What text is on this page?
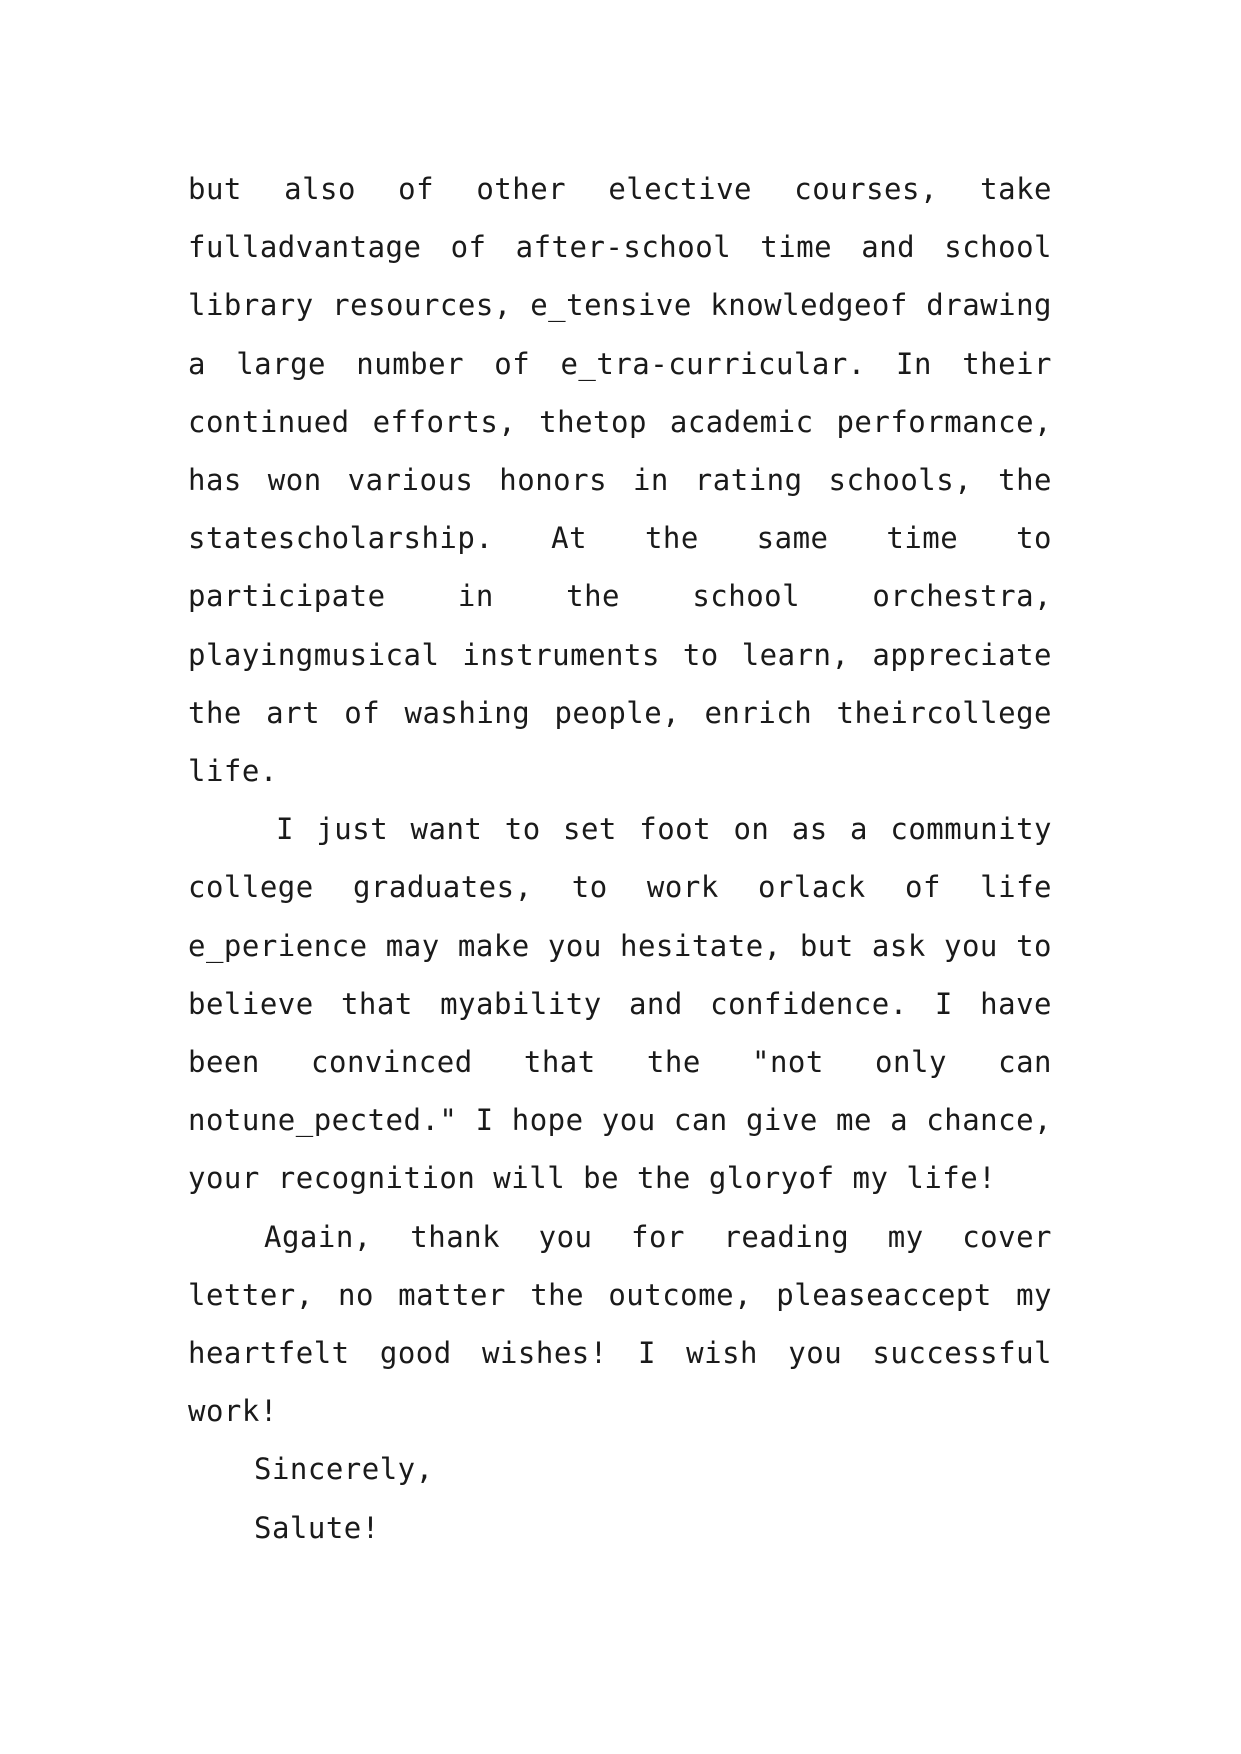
but also of other elective courses, take fulladvantage of after-school time and school library resources, e_tensive knowledgeof drawing a large number of e_tra-curricular. In their continued efforts, thetop academic performance, has won various honors in rating schools, the statescholarship. At the same time to participate in the school orchestra, playingmusical instruments to learn, appreciate the art of washing people, enrich theircollege life.

I just want to set foot on as a community college graduates, to work orlack of life e_perience may make you hesitate, but ask you to believe that myability and confidence. I have been convinced that the "not only can notune_pected." I hope you can give me a chance, your recognition will be the gloryof my life!

Again, thank you for reading my cover letter, no matter the outcome, pleaseaccept my heartfelt good wishes! I wish you successful work!

Sincerely,

Salute!
